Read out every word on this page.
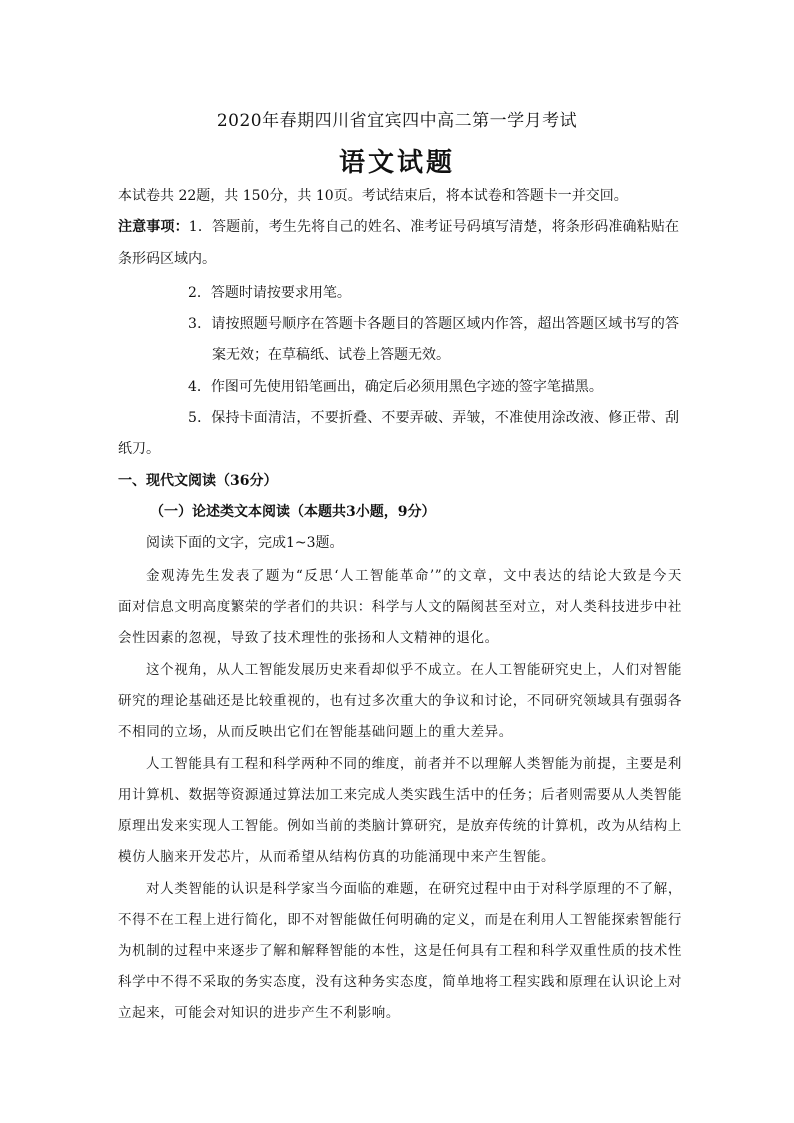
2020年春期四川省宜宾四中高二第一学月考试
语文试题
本试卷共 22题，共 150分，共 10页。考试结束后，将本试卷和答题卡一并交回。
注意事项：1．答题前，考生先将自己的姓名、准考证号码填写清楚，将条形码准确粘贴在
条形码区域内。
2．答题时请按要求用笔。
3．请按照题号顺序在答题卡各题目的答题区域内作答，超出答题区域书写的答
案无效；在草稿纸、试卷上答题无效。
4．作图可先使用铅笔画出，确定后必须用黑色字迹的签字笔描黑。
5．保持卡面清洁，不要折叠、不要弄破、弄皱，不准使用涂改液、修正带、刮
纸刀。
一、现代文阅读（36分）
（一）论述类文本阅读（本题共3小题，9分）
阅读下面的文字，完成1~3题。
金观涛先生发表了题为“反思‘人工智能革命’”的文章，文中表达的结论大致是今天
面对信息文明高度繁荣的学者们的共识：科学与人文的隔阂甚至对立，对人类科技进步中社
会性因素的忽视，导致了技术理性的张扬和人文精神的退化。
这个视角，从人工智能发展历史来看却似乎不成立。在人工智能研究史上，人们对智能
研究的理论基础还是比较重视的，也有过多次重大的争议和讨论，不同研究领域具有强弱各
不相同的立场，从而反映出它们在智能基础问题上的重大差异。
人工智能具有工程和科学两种不同的维度，前者并不以理解人类智能为前提，主要是利
用计算机、数据等资源通过算法加工来完成人类实践生活中的任务；后者则需要从人类智能
原理出发来实现人工智能。例如当前的类脑计算研究，是放弃传统的计算机，改为从结构上
模仿人脑来开发芯片，从而希望从结构仿真的功能涌现中来产生智能。
对人类智能的认识是科学家当今面临的难题，在研究过程中由于对科学原理的不了解，
不得不在工程上进行简化，即不对智能做任何明确的定义，而是在利用人工智能探索智能行
为机制的过程中来逐步了解和解释智能的本性，这是任何具有工程和科学双重性质的技术性
科学中不得不采取的务实态度，没有这种务实态度，简单地将工程实践和原理在认识论上对
立起来，可能会对知识的进步产生不利影响。
